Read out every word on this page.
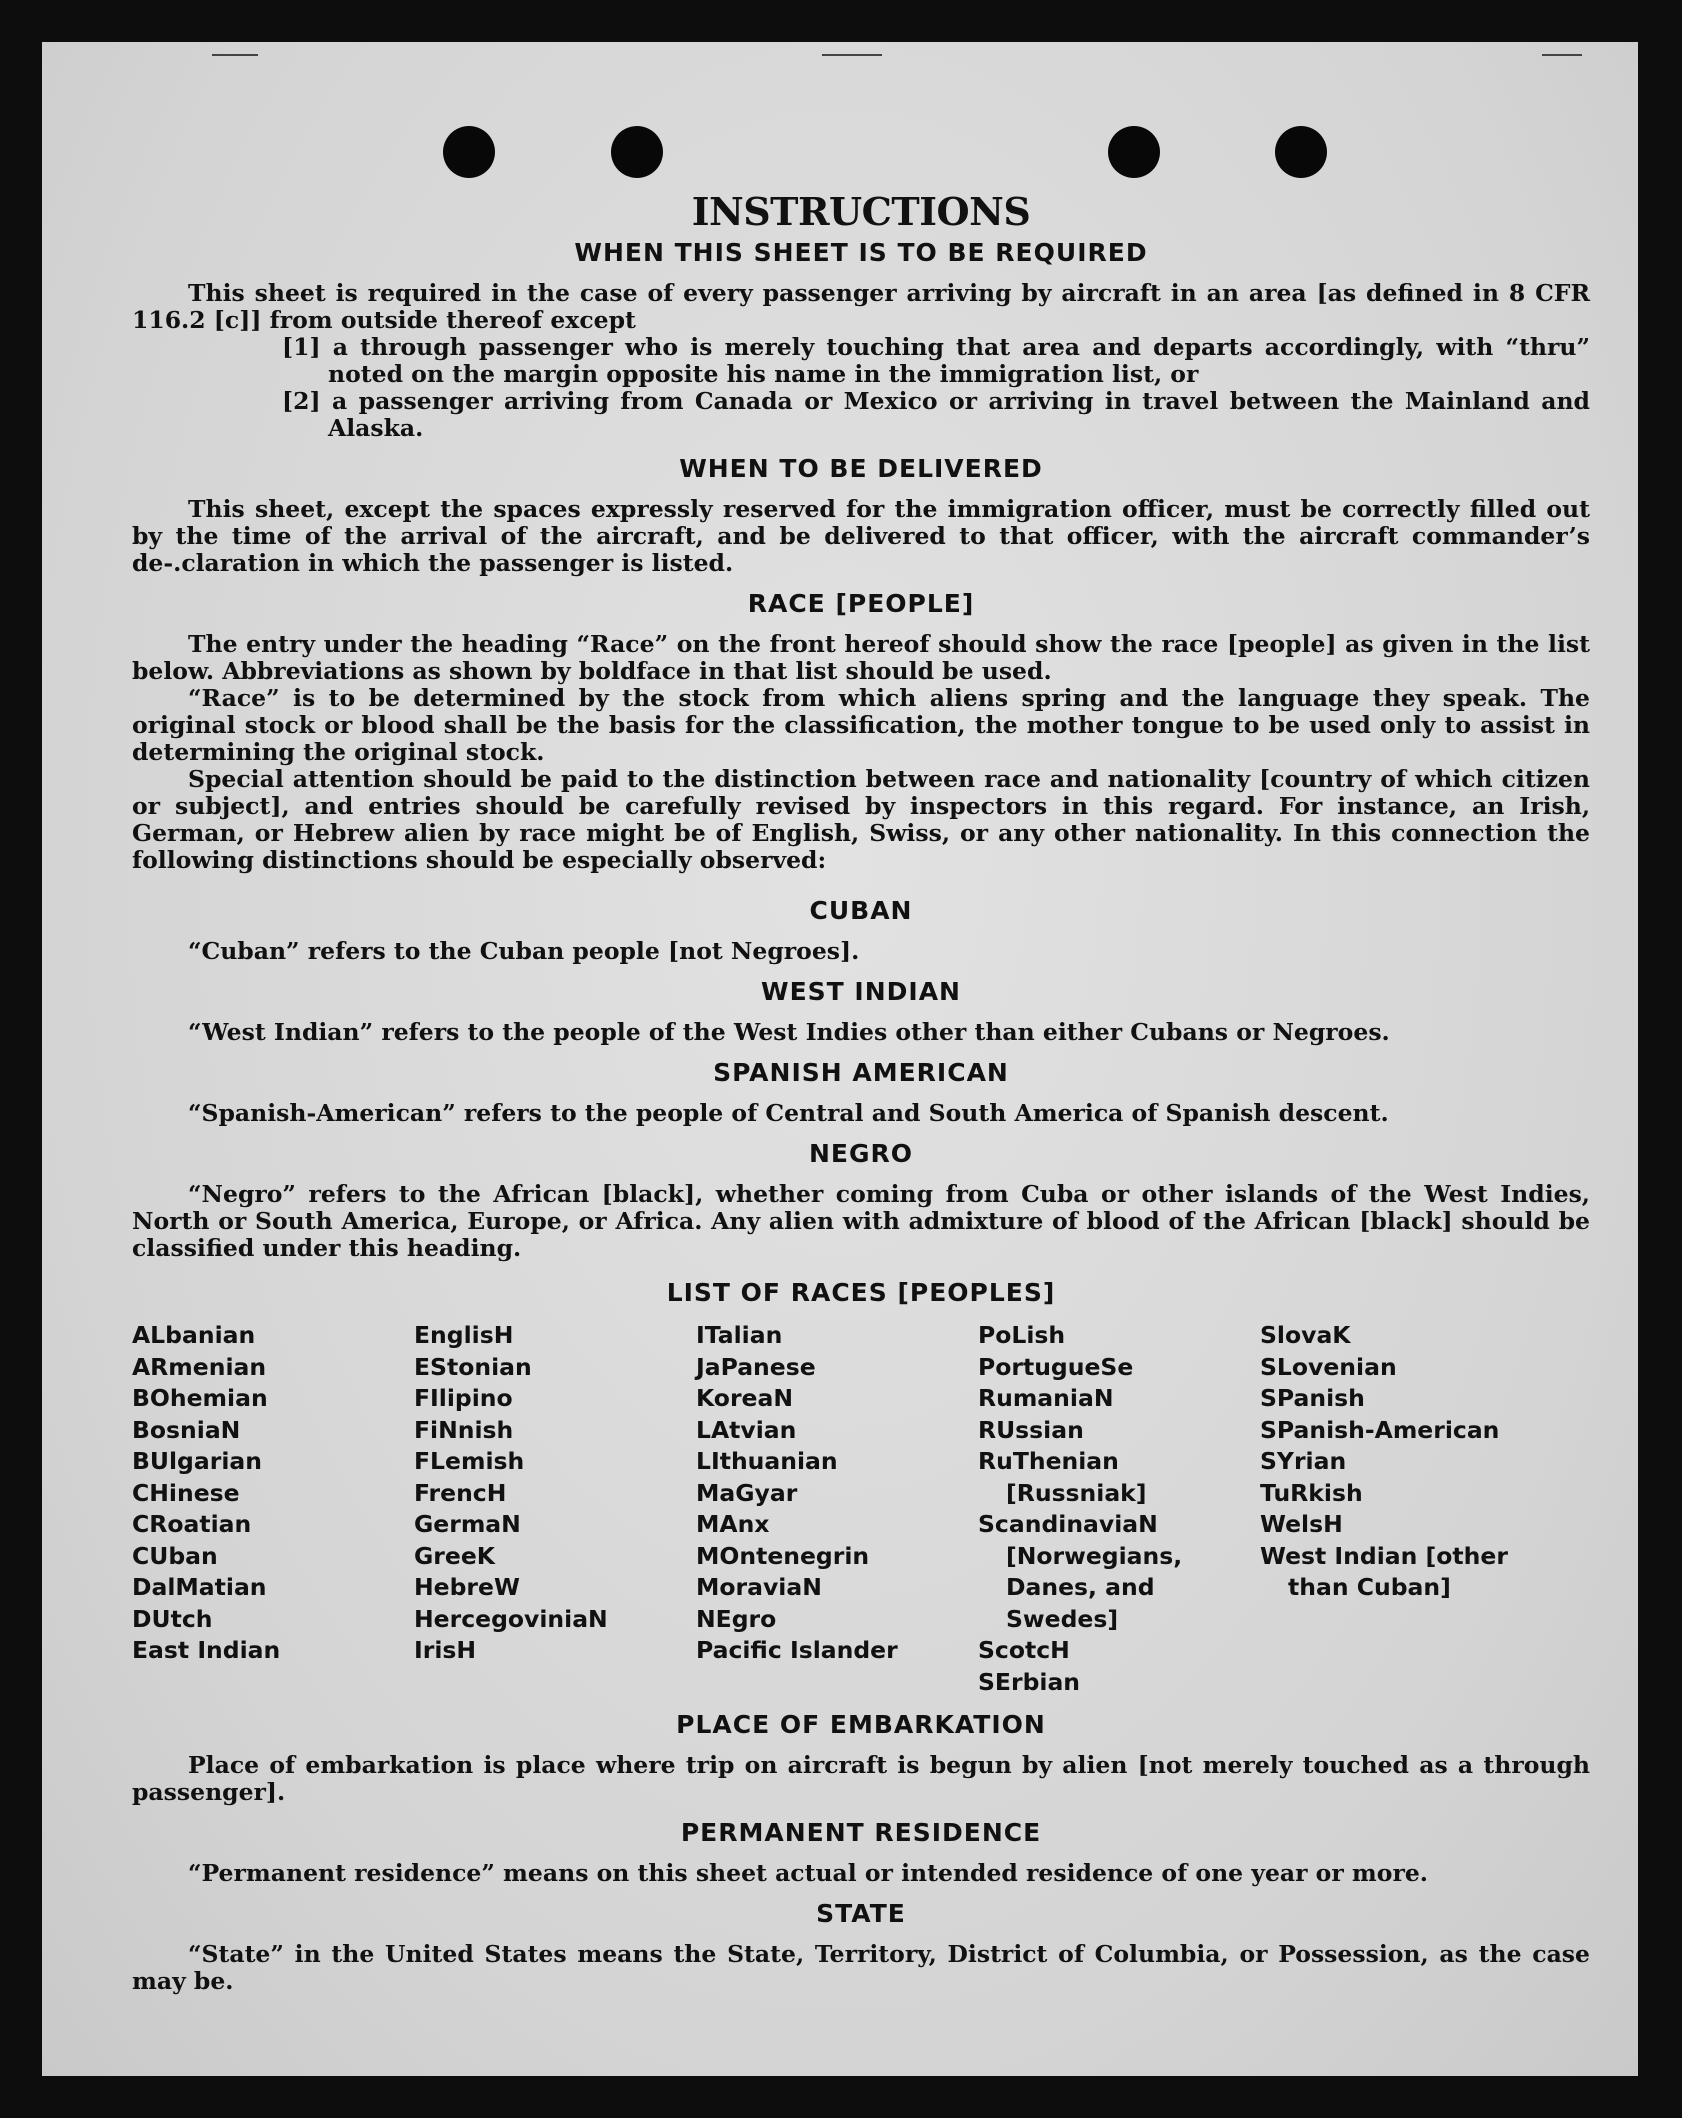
INSTRUCTIONS
WHEN THIS SHEET IS TO BE REQUIRED

This sheet is required in the case of every passenger arriving by aircraft in an area [as defined in 8 CFR 116.2 [c]] from outside thereof except

[1] a through passenger who is merely touching that area and departs accordingly, with “thru” noted on the margin opposite his name in the immigration list, or

[2] a passenger arriving from Canada or Mexico or arriving in travel between the Mainland and Alaska.

WHEN TO BE DELIVERED

This sheet, except the spaces expressly reserved for the immigration officer, must be correctly filled out by the time of the arrival of the aircraft, and be delivered to that officer, with the aircraft commander’s de-.claration in which the passenger is listed.

RACE [PEOPLE]

The entry under the heading “Race” on the front hereof should show the race [people] as given in the list below. Abbreviations as shown by boldface in that list should be used.

“Race” is to be determined by the stock from which aliens spring and the language they speak. The original stock or blood shall be the basis for the classification, the mother tongue to be used only to assist in determining the original stock.

Special attention should be paid to the distinction between race and nationality [country of which citizen or subject], and entries should be carefully revised by inspectors in this regard. For instance, an Irish, German, or Hebrew alien by race might be of English, Swiss, or any other nationality. In this connection the following distinctions should be especially observed:

CUBAN

“Cuban” refers to the Cuban people [not Negroes].

WEST INDIAN

“West Indian” refers to the people of the West Indies other than either Cubans or Negroes.

SPANISH AMERICAN

“Spanish-American” refers to the people of Central and South America of Spanish descent.

NEGRO

“Negro” refers to the African [black], whether coming from Cuba or other islands of the West Indies, North or South America, Europe, or Africa. Any alien with admixture of blood of the African [black] should be classified under this heading.

LIST OF RACES [PEOPLES]
ALbanian
ARmenian
BOhemian
BosniaN
BUlgarian
CHinese
CRoatian
CUban
DalMatian
DUtch
East Indian
EnglisH
EStonian
FIlipino
FiNnish
FLemish
FrencH
GermaN
GreeK
HebreW
HercegoviniaN
IrisH
ITalian
JaPanese
KoreaN
LAtvian
LIthuanian
MaGyar
MAnx
MOntenegrin
MoraviaN
NEgro
Pacific Islander
PoLish
PortugueSe
RumaniaN
RUssian
RuThenian [Russniak]
ScandinaviaN [Norwegians, Danes, and Swedes]
ScotcH
SErbian
SlovaK
SLovenian
SPanish
SPanish-American
SYrian
TuRkish
WelsH
West Indian [other than Cuban]
PLACE OF EMBARKATION

Place of embarkation is place where trip on aircraft is begun by alien [not merely touched as a through passenger].

PERMANENT RESIDENCE

“Permanent residence” means on this sheet actual or intended residence of one year or more.

STATE

“State” in the United States means the State, Territory, District of Columbia, or Possession, as the case may be.
